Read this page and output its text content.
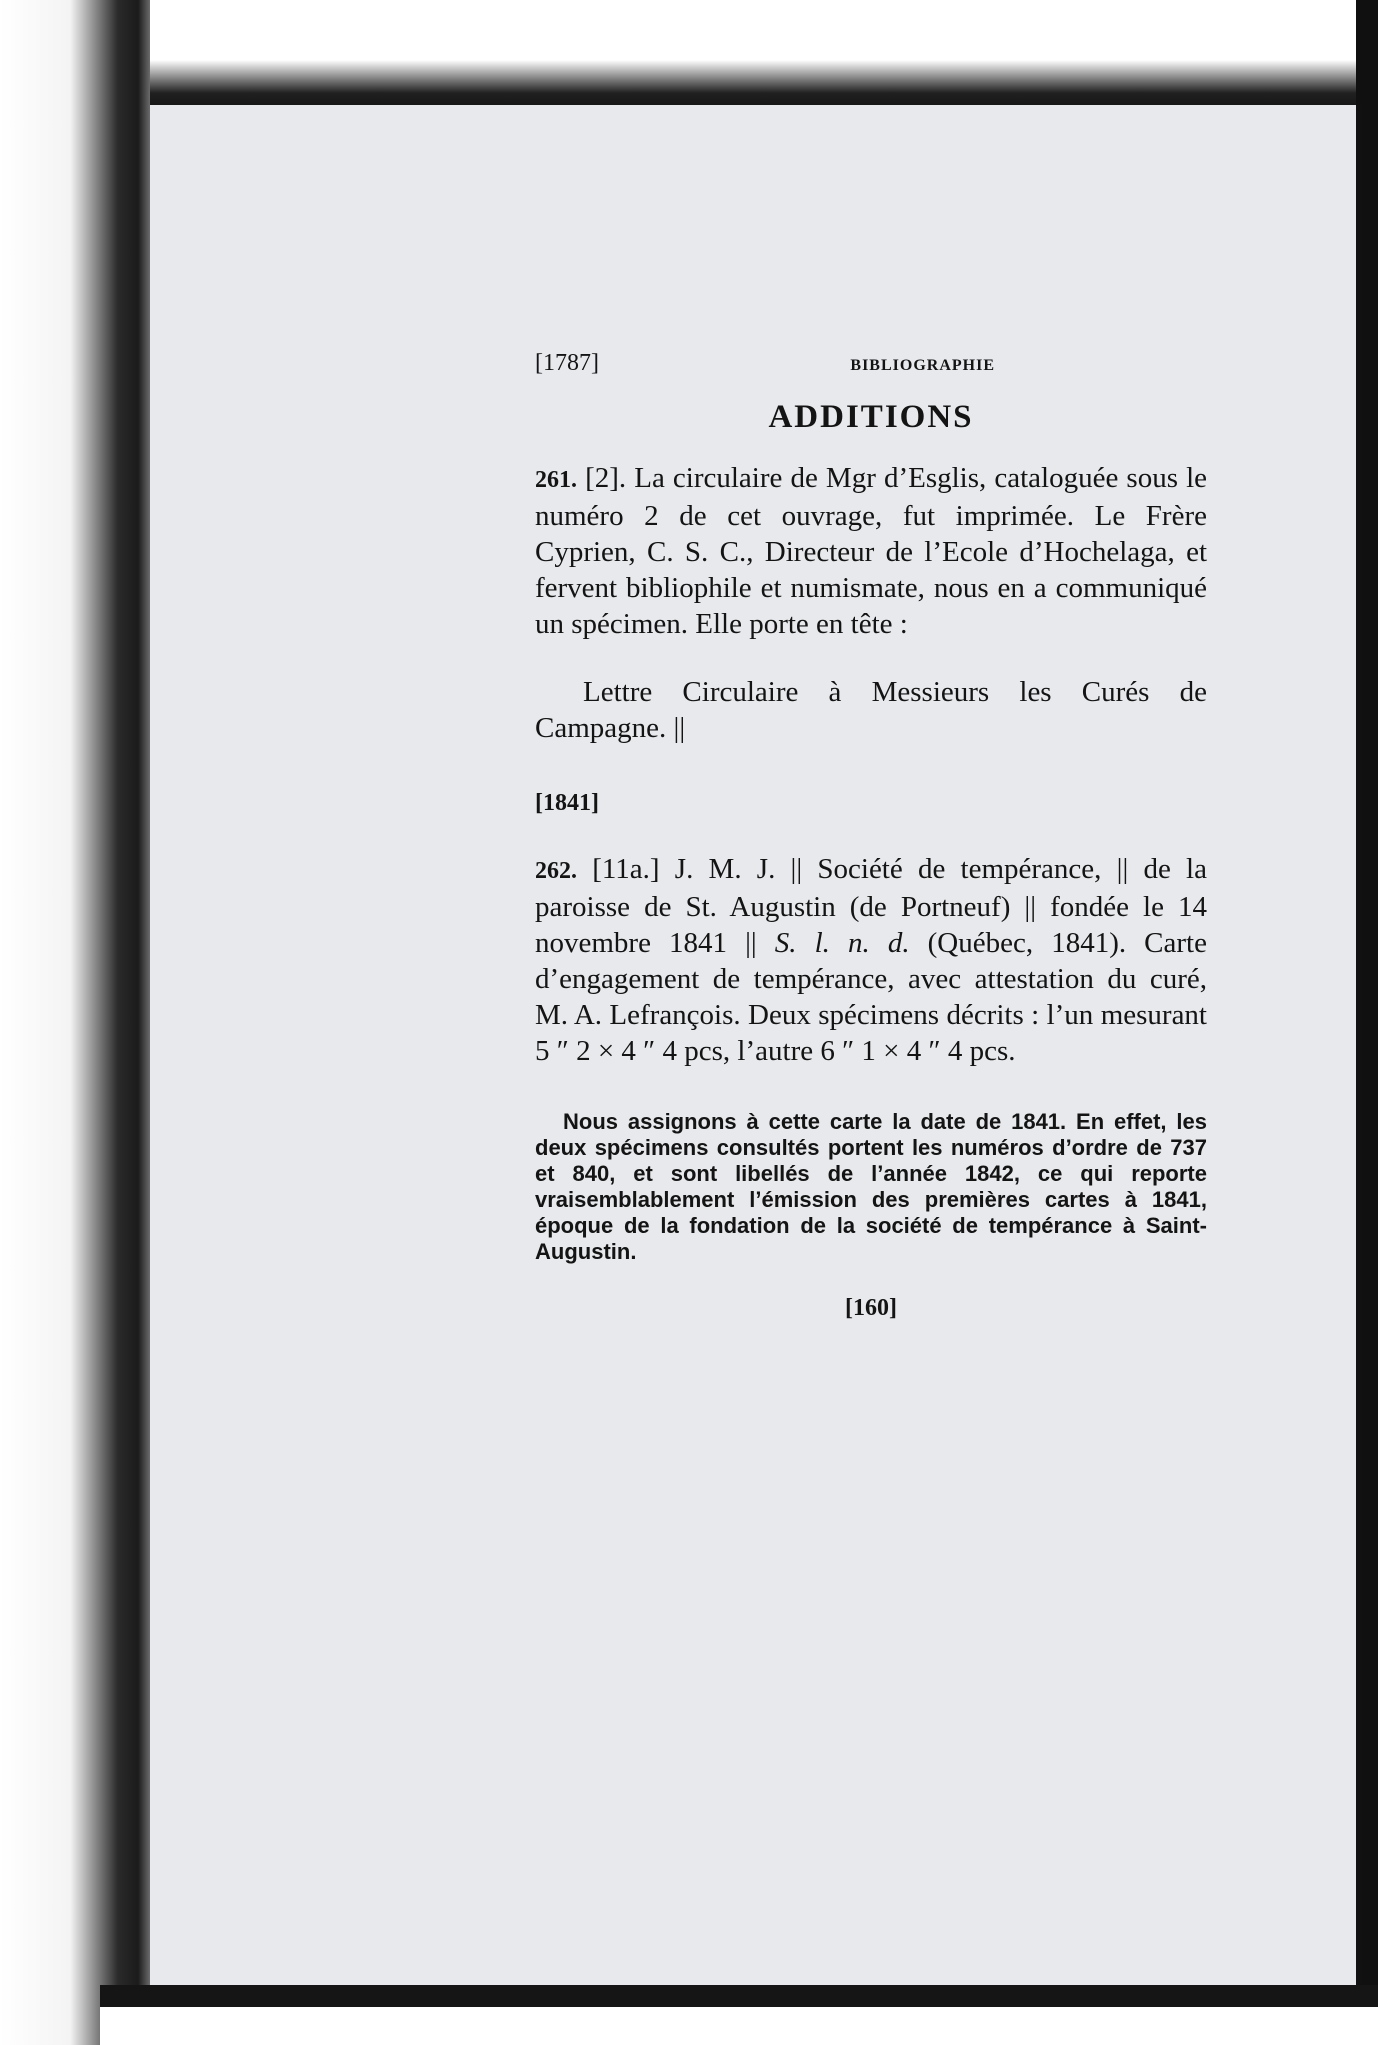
[1787]	BIBLIOGRAPHIE
ADDITIONS

261. [2]. La circulaire de Mgr d’Esglis, cataloguée sous le numéro 2 de cet ouvrage, fut imprimée. Le Frère Cyprien, C. S. C., Directeur de l’Ecole d’Hochelaga, et fervent bibliophile et numismate, nous en a communiqué un spécimen. Elle porte en tête :

Lettre Circulaire à Messieurs les Curés de Campagne. ||

[1841]

262. [11a.] J. M. J. || Société de tempérance, || de la paroisse de St. Augustin (de Portneuf) || fondée le 14 novembre 1841 || S. l. n. d. (Québec, 1841). Carte d’engagement de tempérance, avec attestation du curé, M. A. Lefrançois. Deux spécimens décrits : l’un mesurant 5 ″ 2 × 4 ″ 4 pcs, l’autre 6 ″ 1 × 4 ″ 4 pcs.

Nous assignons à cette carte la date de 1841. En effet, les deux spécimens consultés portent les numéros d’ordre de 737 et 840, et sont libellés de l’année 1842, ce qui reporte vraisemblablement l’émission des premières cartes à 1841, époque de la fondation de la société de tempérance à Saint-Augustin.

[160]
